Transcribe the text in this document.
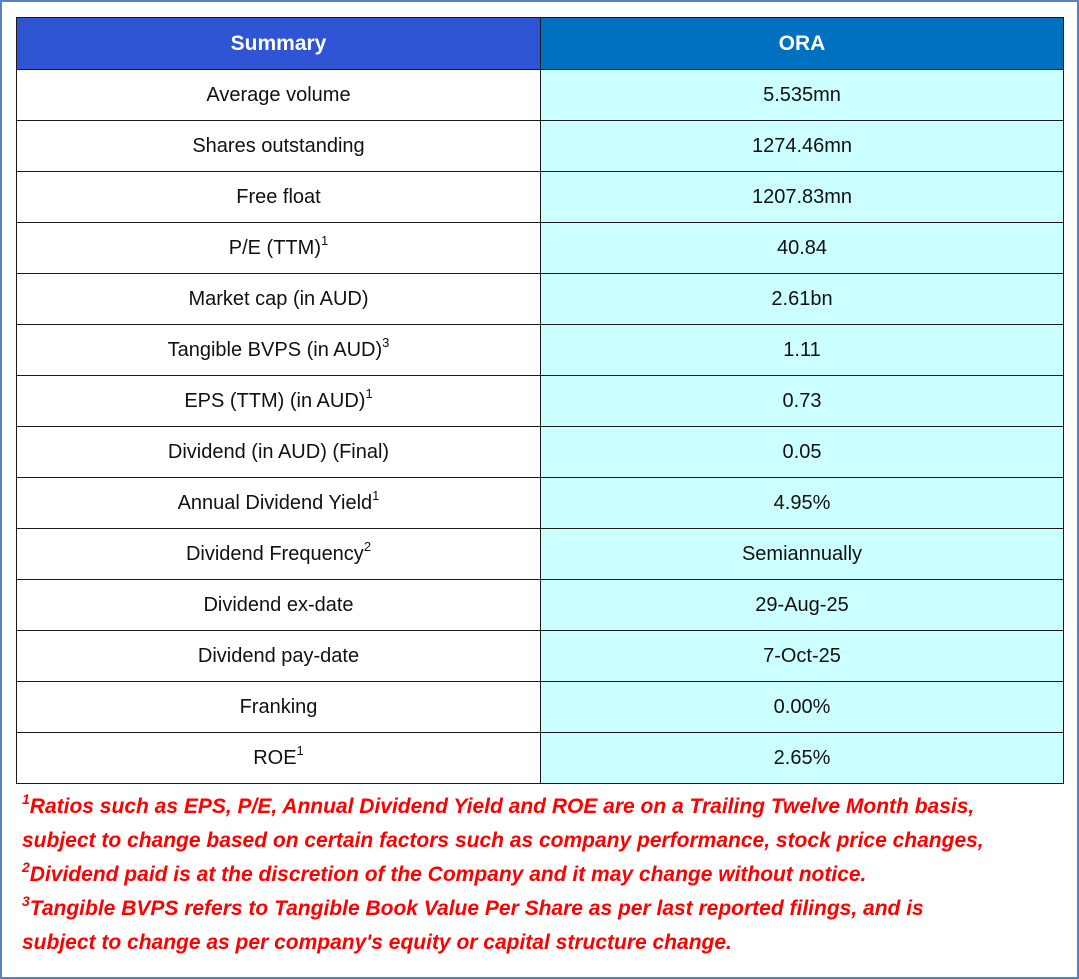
Summary	ORA
Average volume	5.535mn
Shares outstanding	1274.46mn
Free float	1207.83mn
P/E (TTM)$^1$	40.84
Market cap (in AUD)	2.61bn
Tangible BVPS (in AUD)$^3$	1.11
EPS (TTM) (in AUD)$^1$	0.73
Dividend (in AUD) (Final)	0.05
Annual Dividend Yield$^1$	4.95%
Dividend Frequency$^2$	Semiannually
Dividend ex-date	29-Aug-25
Dividend pay-date	7-Oct-25
Franking	0.00%
ROE$^1$	2.65%

$^1$Ratios such as EPS, P/E, Annual Dividend Yield and ROE are on a Trailing Twelve Month basis,

subject to change based on certain factors such as company performance, stock price changes,

$^2$Dividend paid is at the discretion of the Company and it may change without notice.

$^3$Tangible BVPS refers to Tangible Book Value Per Share as per last reported filings, and is

subject to change as per company's equity or capital structure change.
